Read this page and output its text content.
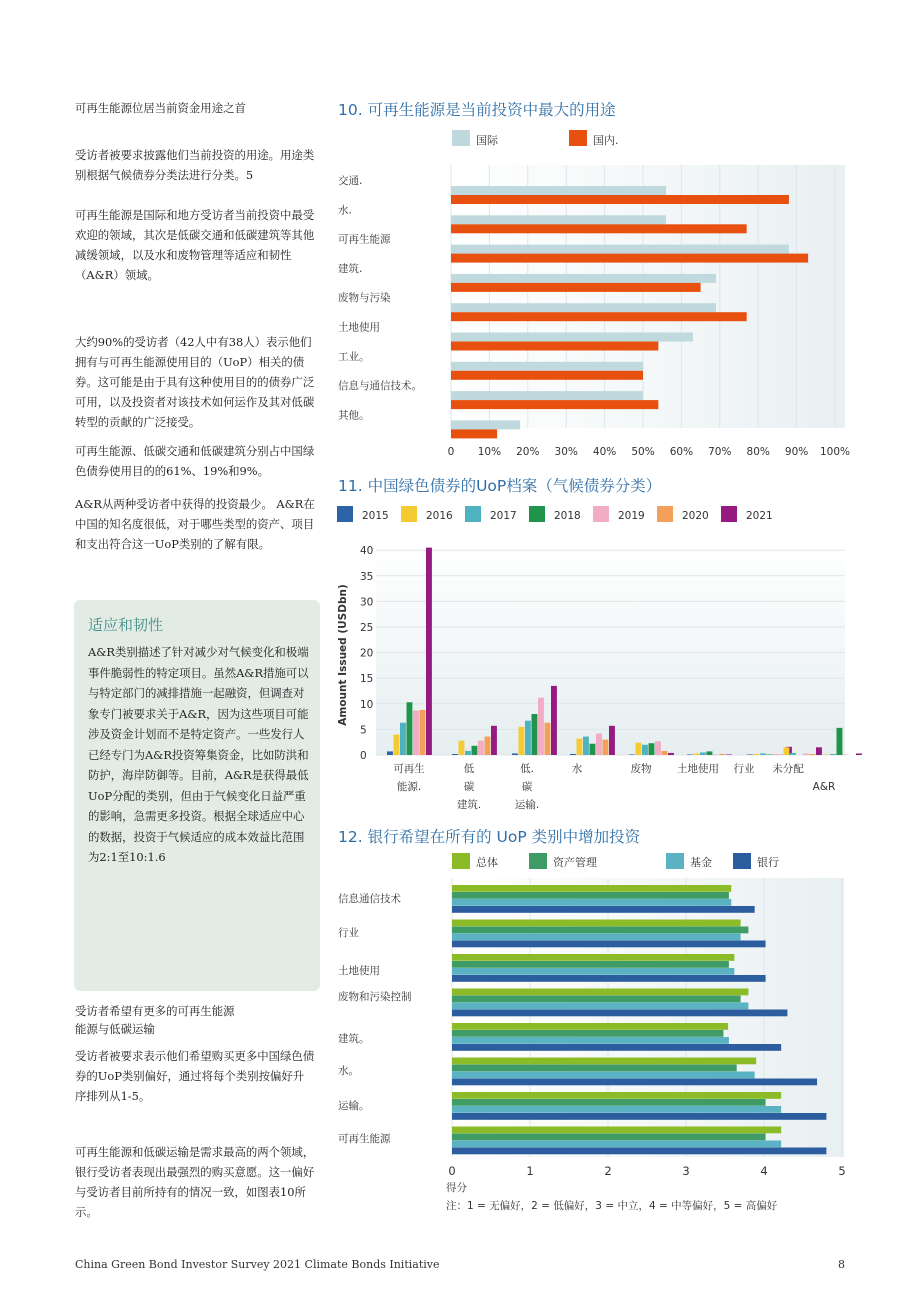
可再生能源位居当前资金用途之首
受访者被要求披露他们当前投资的用途。用途类别根据气候债券分类法进行分类。5
可再生能源是国际和地方受访者当前投资中最受欢迎的领域，其次是低碳交通和低碳建筑等其他减缓领域，以及水和废物管理等适应和韧性（A&R）领域。
大约90%的受访者（42人中有38人）表示他们拥有与可再生能源使用目的（UoP）相关的债券。这可能是由于具有这种使用目的的债券广泛可用，以及投资者对该技术如何运作及其对低碳转型的贡献的广泛接受。
可再生能源、低碳交通和低碳建筑分别占中国绿色债券使用目的的61%、19%和9%。
A&R从两种受访者中获得的投资最少。 A&R在中国的知名度很低，对于哪些类型的资产、项目和支出符合这一UoP类别的了解有限。
适应和韧性
A&R类别描述了针对减少对气候变化和极端事件脆弱性的特定项目。虽然A&R措施可以与特定部门的减排措施一起融资，但调查对象专门被要求关于A&R，因为这些项目可能涉及资金计划而不是特定资产。一些发行人已经专门为A&R投资筹集资金，比如防洪和防护，海岸防御等。目前，A&R是获得最低UoP分配的类别，但由于气候变化日益严重的影响，急需更多投资。根据全球适应中心的数据，投资于气候适应的成本效益比范围为2:1至10:1.6
受访者希望有更多的可再生能源
能源与低碳运输
受访者被要求表示他们希望购买更多中国绿色债券的UoP类别偏好，通过将每个类别按偏好升序排列从1-5。
可再生能源和低碳运输是需求最高的两个领域，银行受访者表现出最强烈的购买意愿。这一偏好与受访者目前所持有的情况一致，如图表10所示。
10. 可再生能源是当前投资中最大的用途
11. 中国绿色债券的UoP档案（气候债券分类）
12. 银行希望在所有的 UoP 类别中增加投资
国际	国内.
0 10% 20% 30% 40% 50% 60% 70% 80% 90% 100%
交通.
水.
可再生能源
建筑.
废物与污染
土地使用
工业。
信息与通信技术。
其他。
2015	2016	2017	2018	2019	2020	2021
0
5
10
15
20
25
30
35
40
Amount Issued (USDbn)
可再生
能源.
低
碳
建筑.
低.
碳
运输.
水	废物 土地使用 行业 未分配
A&R
总体	资产管理	基金	银行
0	1	2	3	4	5
信息通信技术
行业
土地使用
废物和污染控制
建筑。
水。
运输。
可再生能源
得分
注：1 = 无偏好，2 = 低偏好，3 = 中立，4 = 中等偏好，5 = 高偏好
China Green Bond Investor Survey 2021 Climate Bonds Initiative	8
